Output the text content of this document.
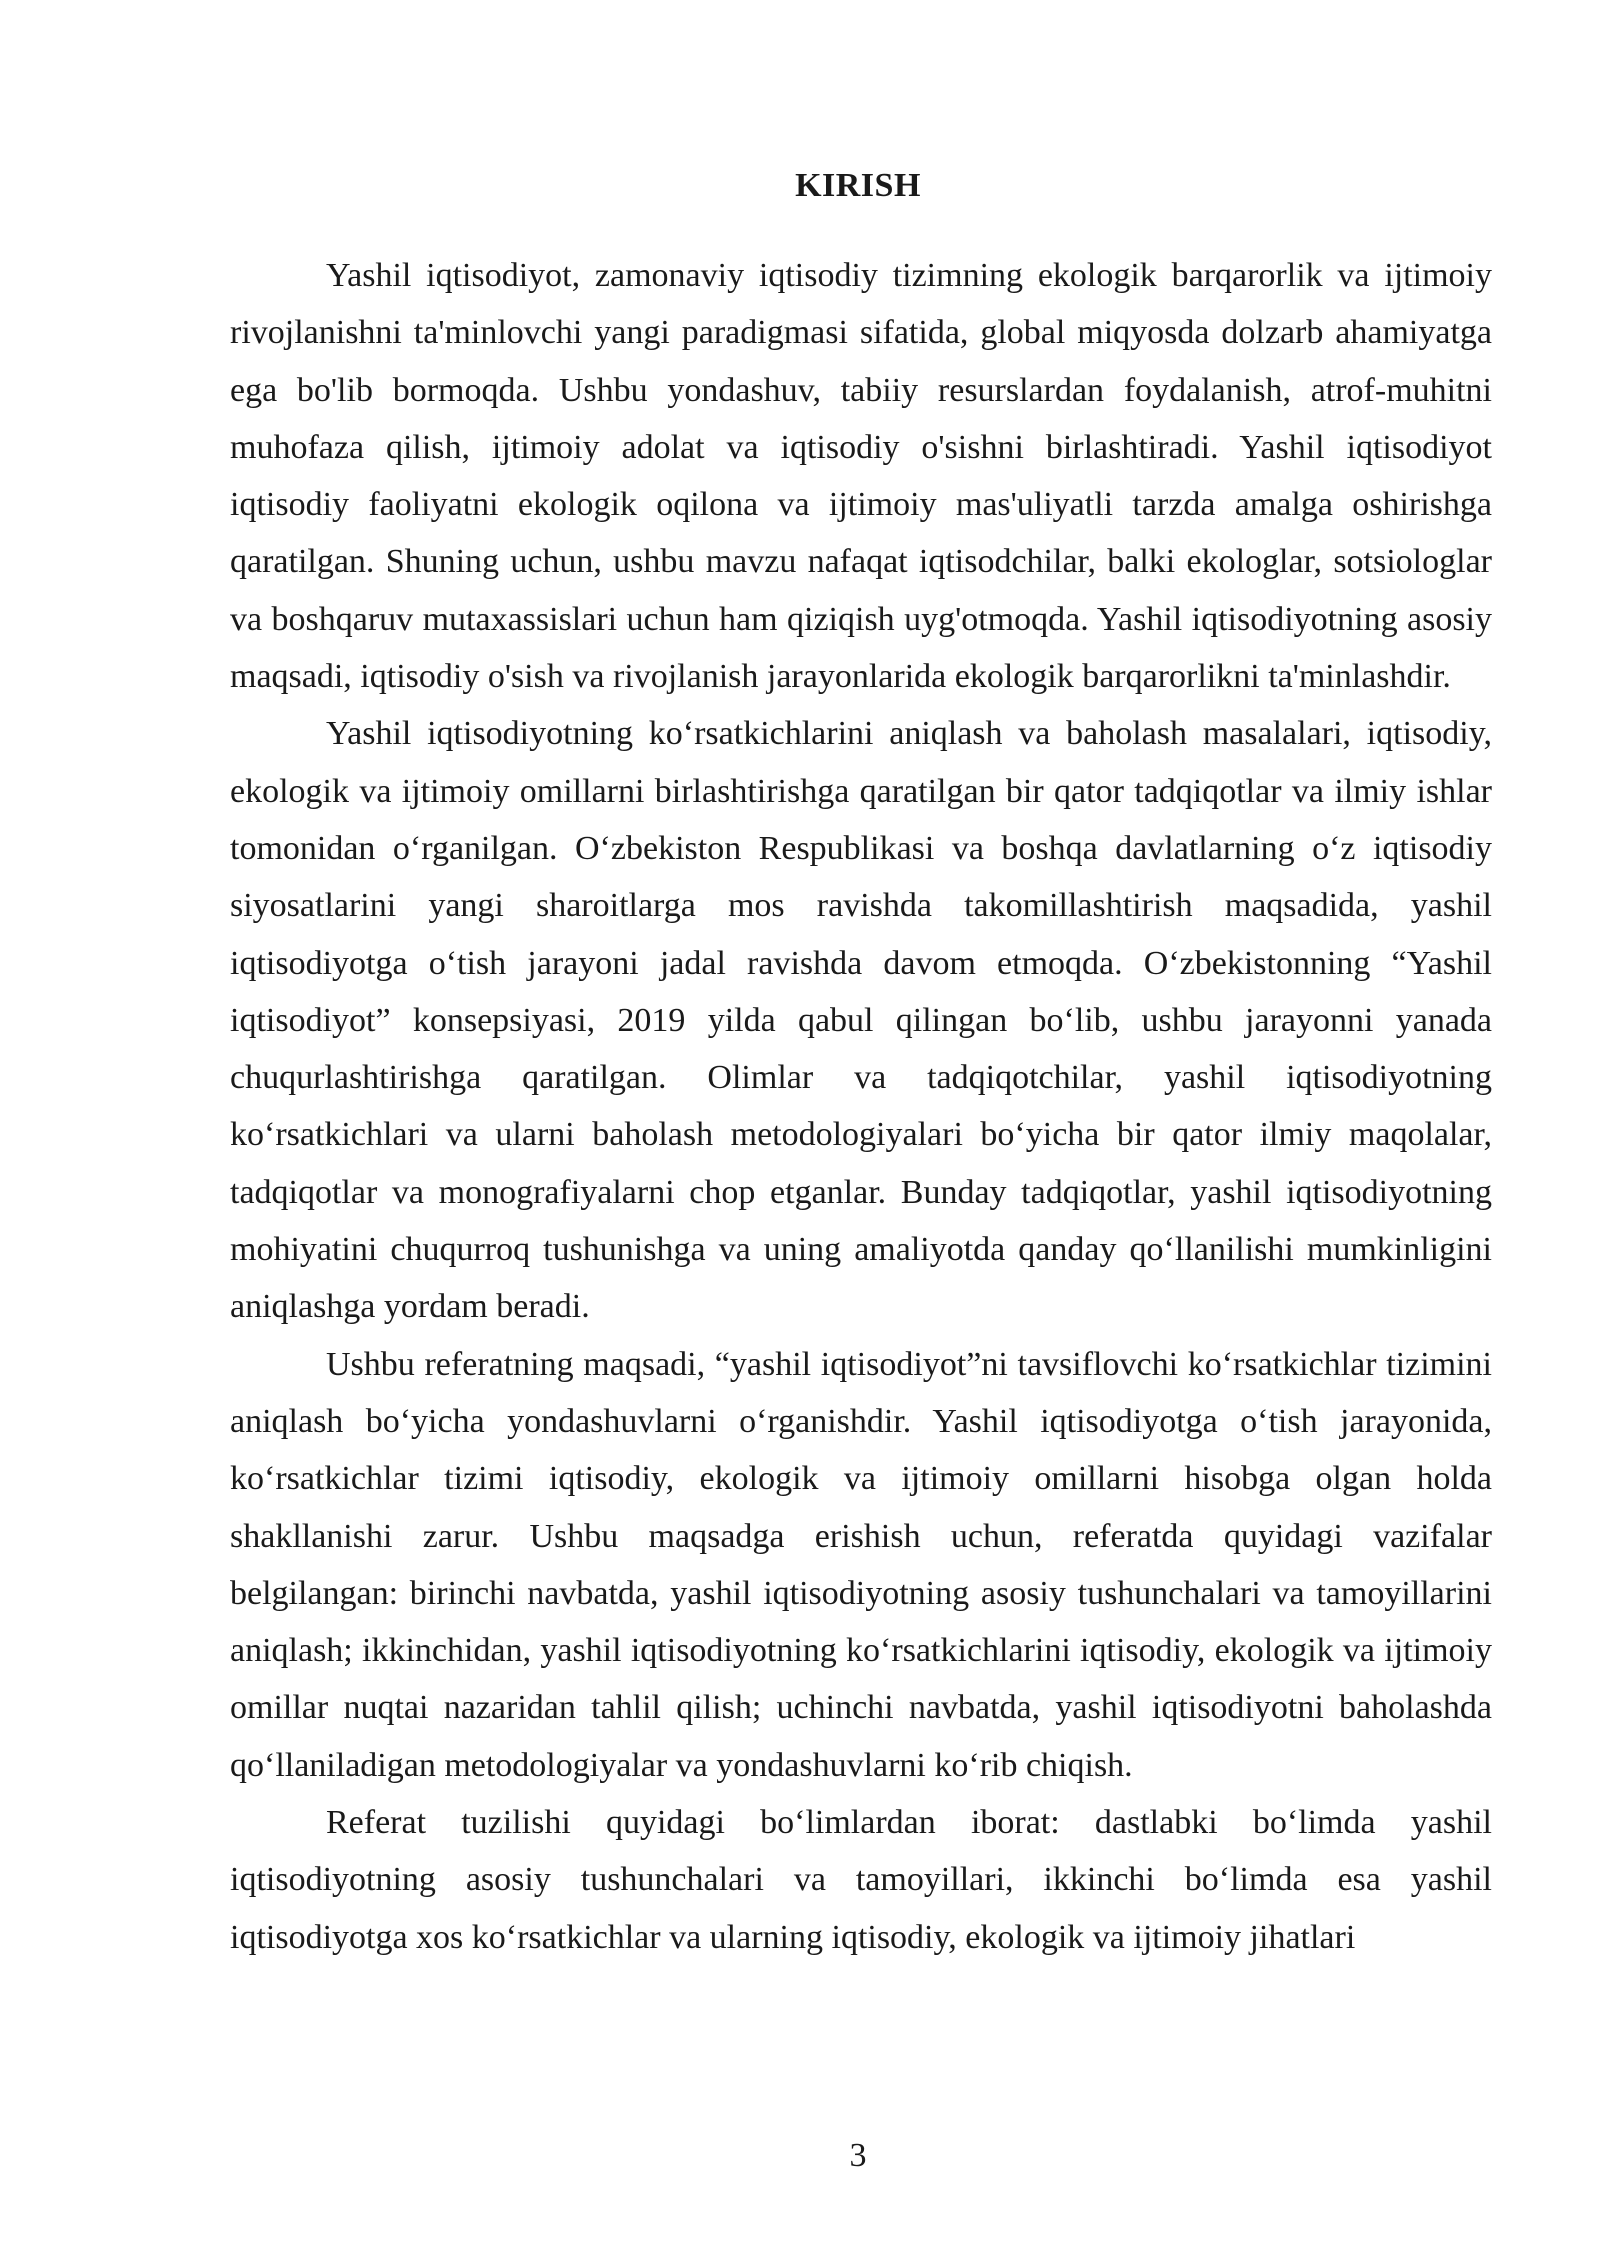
KIRISH

Yashil iqtisodiyot, zamonaviy iqtisodiy tizimning ekologik barqarorlik va ijtimoiy rivojlanishni ta'minlovchi yangi paradigmasi sifatida, global miqyosda dolzarb ahamiyatga ega bo'lib bormoqda. Ushbu yondashuv, tabiiy resurslardan foydalanish, atrof-muhitni muhofaza qilish, ijtimoiy adolat va iqtisodiy o'sishni birlashtiradi. Yashil iqtisodiyot iqtisodiy faoliyatni ekologik oqilona va ijtimoiy mas'uliyatli tarzda amalga oshirishga qaratilgan. Shuning uchun, ushbu mavzu nafaqat iqtisodchilar, balki ekologlar, sotsiologlar va boshqaruv mutaxassislari uchun ham qiziqish uyg'otmoqda. Yashil iqtisodiyotning asosiy maqsadi, iqtisodiy o'sish va rivojlanish jarayonlarida ekologik barqarorlikni ta'minlashdir.

Yashil iqtisodiyotning ko‘rsatkichlarini aniqlash va baholash masalalari, iqtisodiy, ekologik va ijtimoiy omillarni birlashtirishga qaratilgan bir qator tadqiqotlar va ilmiy ishlar tomonidan o‘rganilgan. O‘zbekiston Respublikasi va boshqa davlatlarning o‘z iqtisodiy siyosatlarini yangi sharoitlarga mos ravishda takomillashtirish maqsadida, yashil iqtisodiyotga o‘tish jarayoni jadal ravishda davom etmoqda. O‘zbekistonning “Yashil iqtisodiyot” konsepsiyasi, 2019 yilda qabul qilingan bo‘lib, ushbu jarayonni yanada chuqurlashtirishga qaratilgan. Olimlar va tadqiqotchilar, yashil iqtisodiyotning ko‘rsatkichlari va ularni baholash metodologiyalari bo‘yicha bir qator ilmiy maqolalar, tadqiqotlar va monografiyalarni chop etganlar. Bunday tadqiqotlar, yashil iqtisodiyotning mohiyatini chuqurroq tushunishga va uning amaliyotda qanday qo‘llanilishi mumkinligini aniqlashga yordam beradi.

Ushbu referatning maqsadi, “yashil iqtisodiyot”ni tavsiflovchi ko‘rsatkichlar tizimini aniqlash bo‘yicha yondashuvlarni o‘rganishdir. Yashil iqtisodiyotga o‘tish jarayonida, ko‘rsatkichlar tizimi iqtisodiy, ekologik va ijtimoiy omillarni hisobga olgan holda shakllanishi zarur. Ushbu maqsadga erishish uchun, referatda quyidagi vazifalar belgilangan: birinchi navbatda, yashil iqtisodiyotning asosiy tushunchalari va tamoyillarini aniqlash; ikkinchidan, yashil iqtisodiyotning ko‘rsatkichlarini iqtisodiy, ekologik va ijtimoiy omillar nuqtai nazaridan tahlil qilish; uchinchi navbatda, yashil iqtisodiyotni baholashda qo‘llaniladigan metodologiyalar va yondashuvlarni ko‘rib chiqish.

Referat tuzilishi quyidagi bo‘limlardan iborat: dastlabki bo‘limda yashil iqtisodiyotning asosiy tushunchalari va tamoyillari, ikkinchi bo‘limda esa yashil iqtisodiyotga xos ko‘rsatkichlar va ularning iqtisodiy, ekologik va ijtimoiy jihatlari

3
